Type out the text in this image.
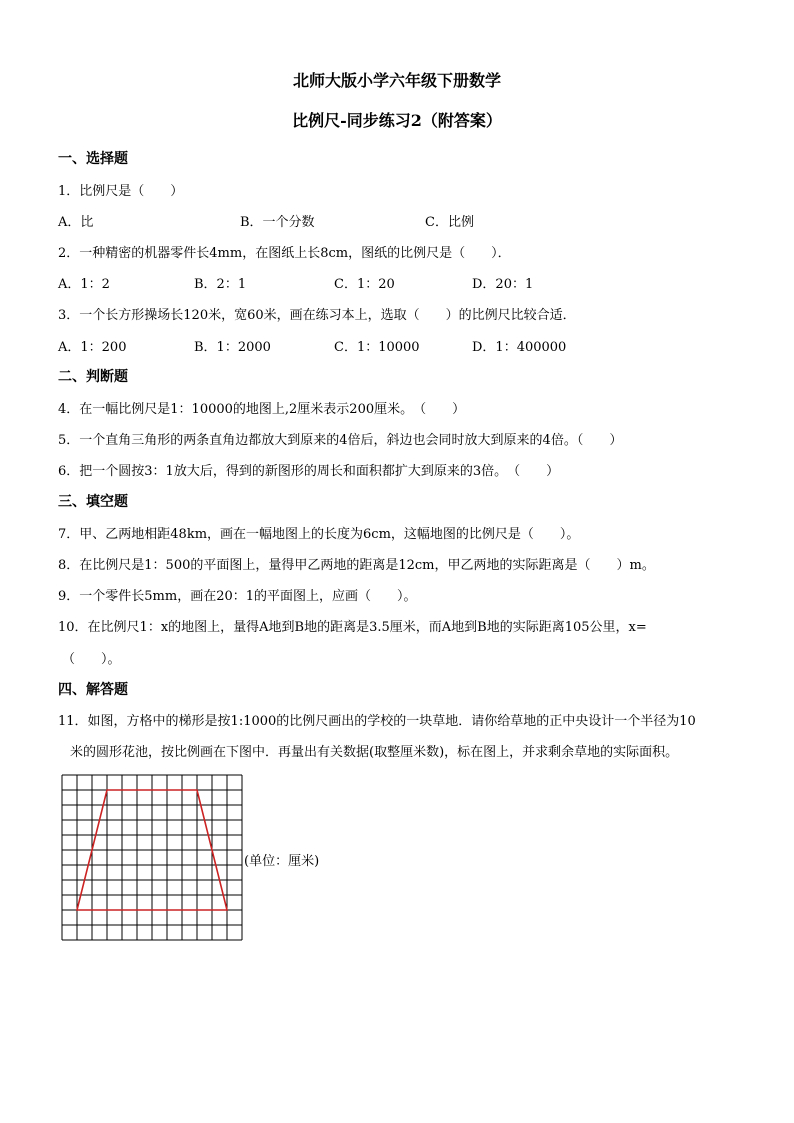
北师大版小学六年级下册数学
比例尺-同步练习2（附答案）
一、选择题
1．比例尺是（　　）
A．比	B．一个分数	C．比例
2．一种精密的机器零件长4mm，在图纸上长8cm，图纸的比例尺是（　　）．
A．1：2	B．2：1	C．1：20	D．20：1
3．一个长方形操场长120米，宽60米，画在练习本上，选取（　　）的比例尺比较合适．
A．1：200	B．1：2000	C．1：10000	D．1：400000
二、判断题
4．在一幅比例尺是1：10000的地图上,2厘米表示200厘米。　（　　）
5．一个直角三角形的两条直角边都放大到原来的4倍后，斜边也会同时放大到原来的4倍。（　　）
6．把一个圆按3：1放大后，得到的新图形的周长和面积都扩大到原来的3倍。　（　　）
三、填空题
7．甲、乙两地相距48km，画在一幅地图上的长度为6cm，这幅地图的比例尺是（　　）。
8．在比例尺是1：500的平面图上，量得甲乙两地的距离是12cm，甲乙两地的实际距离是（　　）m。
9．一个零件长5mm，画在20：1的平面图上，应画（　　）。
10．在比例尺1：x的地图上，量得A地到B地的距离是3.5厘米，而A地到B地的实际距离105公里，x=
（　　）。
四、解答题
11．如图，方格中的梯形是按1:1000的比例尺画出的学校的一块草地．请你给草地的正中央设计一个半径为10
米的圆形花池，按比例画在下图中．再量出有关数据(取整厘米数)，标在图上，并求剩余草地的实际面积。
(单位：厘米)
